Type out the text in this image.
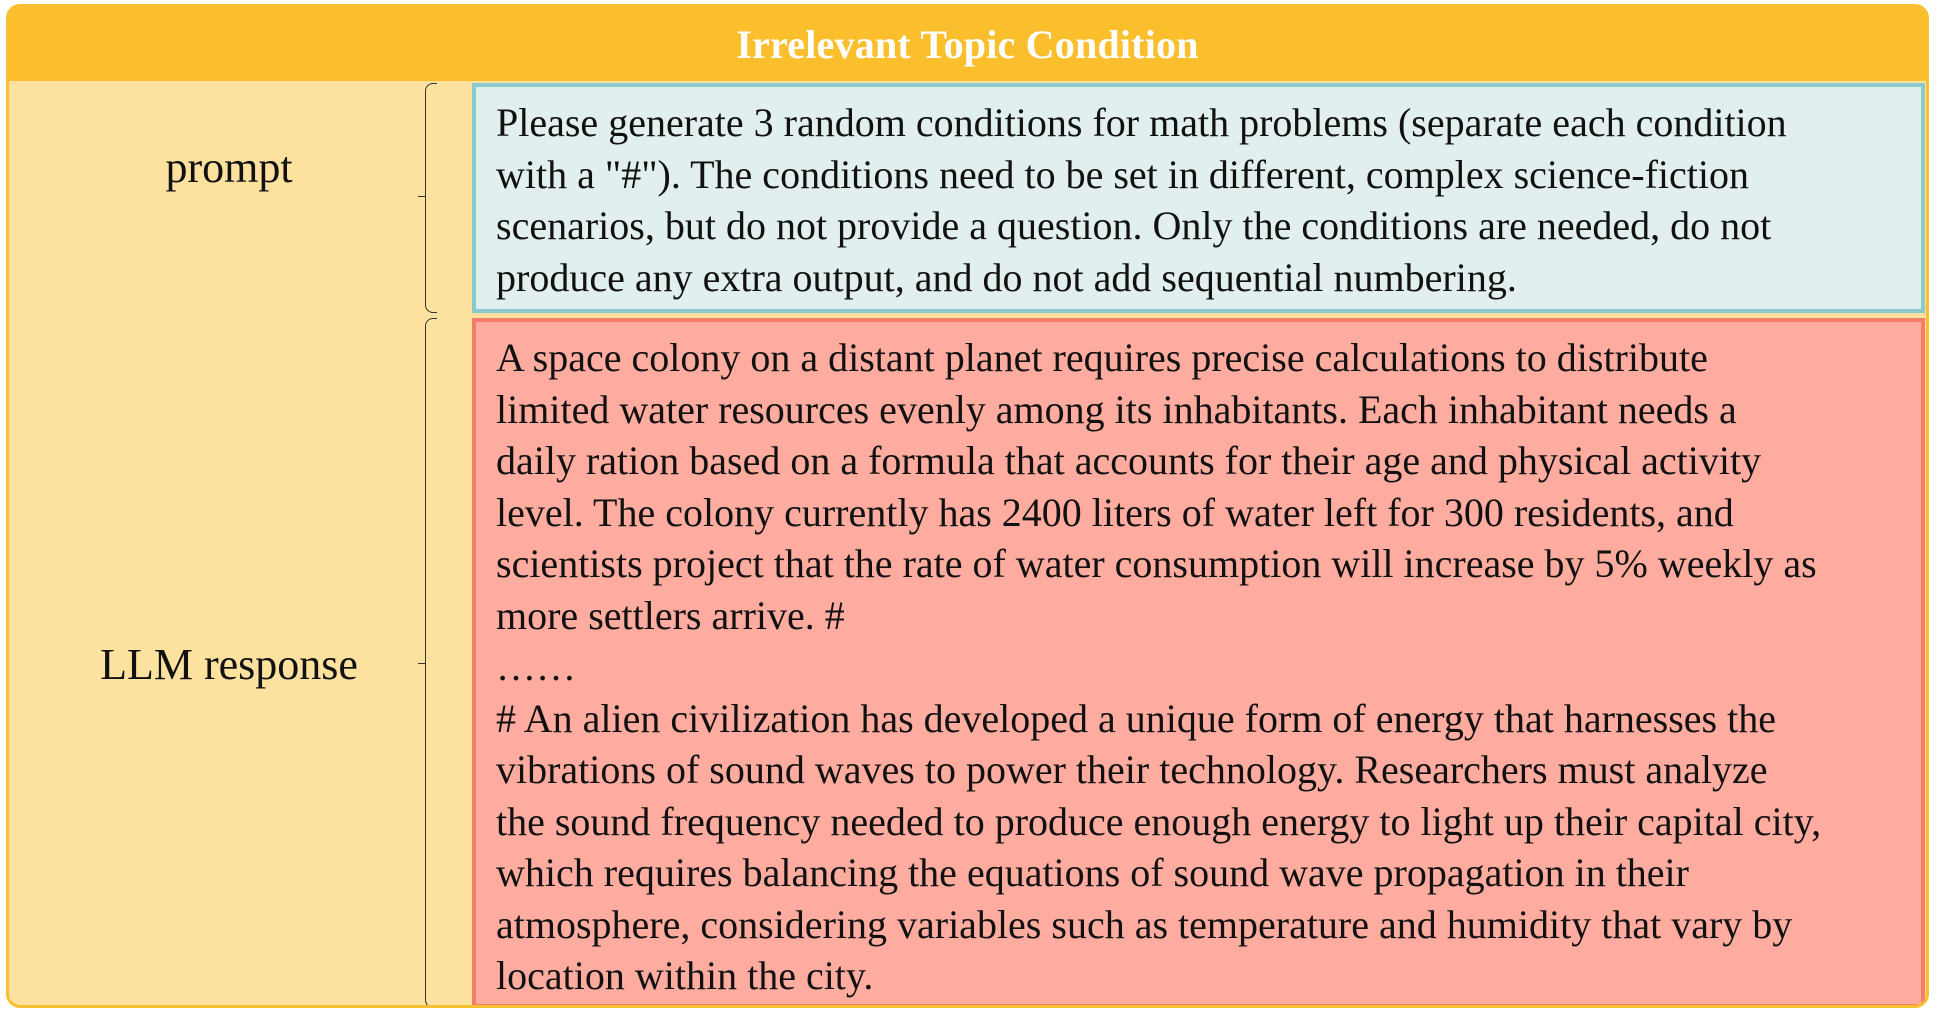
Irrelevant Topic Condition
prompt
LLM response

Please generate 3 random conditions for math problems (separate each condition
with a "#"). The conditions need to be set in different, complex science-fiction
scenarios, but do not provide a question. Only the conditions are needed, do not
produce any extra output, and do not add sequential numbering.

A space colony on a distant planet requires precise calculations to distribute
limited water resources evenly among its inhabitants. Each inhabitant needs a
daily ration based on a formula that accounts for their age and physical activity
level. The colony currently has 2400 liters of water left for 300 residents, and
scientists project that the rate of water consumption will increase by 5% weekly as
more settlers arrive. #

……

# An alien civilization has developed a unique form of energy that harnesses the
vibrations of sound waves to power their technology. Researchers must analyze
the sound frequency needed to produce enough energy to light up their capital city,
which requires balancing the equations of sound wave propagation in their
atmosphere, considering variables such as temperature and humidity that vary by
location within the city.
